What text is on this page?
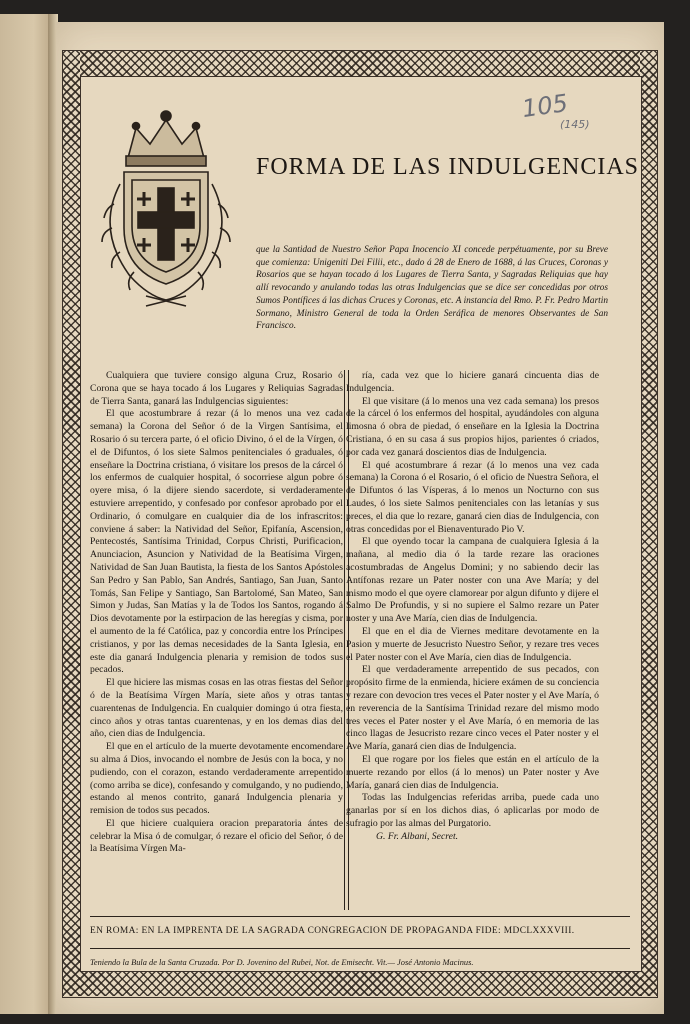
105
(145)
FORMA DE LAS INDULGENCIAS
que la Santidad de Nuestro Señor Papa Inocencio XI concede perpétuamente, por su Breve que comienza: Unigeniti Dei Filii, etc., dado á 28 de Enero de 1688, á las Cruces, Coronas y Rosarios que se hayan tocado á los Lugares de Tierra Santa, y Sagradas Reliquias que hay allí revocando y anulando todas las otras Indulgencias que se dice ser concedidas por otros Sumos Pontífices á las dichas Cruces y Coronas, etc. A instancia del Rmo. P. Fr. Pedro Martin Sormano, Ministro General de toda la Orden Seráfica de menores Observantes de San Francisco.

Cualquiera que tuviere consigo alguna Cruz, Rosario ó Corona que se haya tocado á los Lugares y Reliquias Sagradas de Tierra Santa, ganará las Indulgencias siguientes:

El que acostumbrare á rezar (á lo menos una vez cada semana) la Corona del Señor ó de la Virgen Santísima, el Rosario ó su tercera parte, ó el oficio Divino, ó el de la Vírgen, ó el de Difuntos, ó los siete Salmos penitenciales ó graduales, ó enseñare la Doctrina cristiana, ó visitare los presos de la cárcel ó los enfermos de cualquier hospital, ó socorriese algun pobre ó oyere misa, ó la dijere siendo sacerdote, si verdaderamente estuviere arrepentido, y confesado por confesor aprobado por el Ordinario, ó comulgare en cualquier dia de los infrascritos: conviene á saber: la Natividad del Señor, Epifanía, Ascension, Pentecostés, Santísima Trinidad, Corpus Christi, Purificacion, Anunciacion, Asuncion y Natividad de la Beatísima Virgen, Natividad de San Juan Bautista, la fiesta de los Santos Apóstoles San Pedro y San Pablo, San Andrés, Santiago, San Juan, Santo Tomás, San Felipe y Santiago, San Bartolomé, San Mateo, San Simon y Judas, San Matías y la de Todos los Santos, rogando á Dios devotamente por la estirpacion de las heregías y cisma, por el aumento de la fé Católica, paz y concordia entre los Príncipes cristianos, y por las demas necesidades de la Santa Iglesia, en este dia ganará Indulgencia plenaria y remision de todos sus pecados.

El que hiciere las mismas cosas en las otras fiestas del Señor ó de la Beatísima Vírgen María, siete años y otras tantas cuarentenas de Indulgencia. En cualquier domingo ú otra fiesta, cinco años y otras tantas cuarentenas, y en los demas dias del año, cien dias de Indulgencia.

El que en el artículo de la muerte devotamente encomendare su alma á Dios, invocando el nombre de Jesús con la boca, y no pudiendo, con el corazon, estando verdaderamente arrepentido (como arriba se dice), confesando y comulgando, y no pudiendo, estando al menos contrito, ganará Indulgencia plenaria y remision de todos sus pecados.

El que hiciere cualquiera oracion preparatoria ántes de celebrar la Misa ó de comulgar, ó rezare el oficio del Señor, ó de la Beatísima Vírgen Ma-

ría, cada vez que lo hiciere ganará cincuenta dias de Indulgencia.

El que visitare (á lo menos una vez cada semana) los presos de la cárcel ó los enfermos del hospital, ayudándoles con alguna limosna ó obra de piedad, ó enseñare en la Iglesia la Doctrina Cristiana, ó en su casa á sus propios hijos, parientes ó criados, por cada vez ganará doscientos dias de Indulgencia.

El qué acostumbrare á rezar (á lo menos una vez cada semana) la Corona ó el Rosario, ó el oficio de Nuestra Señora, el de Difuntos ó las Vísperas, á lo menos un Nocturno con sus Laudes, ó los siete Salmos penitenciales con las letanías y sus preces, el dia que lo rezare, ganará cien dias de Indulgencia, con otras concedidas por el Bienaventurado Pio V.

El que oyendo tocar la campana de cualquiera Iglesia á la mañana, al medio dia ó la tarde rezare las oraciones acostumbradas de Angelus Domini; y no sabiendo decir las Antífonas rezare un Pater noster con una Ave María; y del mismo modo el que oyere clamorear por algun difunto y dijere el Salmo De Profundis, y si no supiere el Salmo rezare un Pater noster y una Ave María, cien dias de Indulgencia.

El que en el dia de Viernes meditare devotamente en la Pasion y muerte de Jesucristo Nuestro Señor, y rezare tres veces el Pater noster con el Ave María, cien dias de Indulgencia.

El que verdaderamente arrepentido de sus pecados, con propósito firme de la enmienda, hiciere exámen de su conciencia y rezare con devocion tres veces el Pater noster y el Ave María, ó en reverencia de la Santísima Trinidad rezare del mismo modo tres veces el Pater noster y el Ave María, ó en memoria de las cinco llagas de Jesucristo rezare cinco veces el Pater noster y el Ave María, ganará cien dias de Indulgencia.

El que rogare por los fieles que están en el artículo de la muerte rezando por ellos (á lo menos) un Pater noster y Ave María, ganará cien dias de Indulgencia.

Todas las Indulgencias referidas arriba, puede cada uno ganarlas por sí en los dichos dias, ó aplicarlas por modo de sufragio por las almas del Purgatorio.

G. Fr. Albani, Secret.

EN ROMA: EN LA IMPRENTA DE LA SAGRADA CONGREGACION DE PROPAGANDA FIDE: MDCLXXXVIII.
Teniendo la Bula de la Santa Cruzada. Por D. Jovenino del Rubei, Not. de Emisecht. Vit.— José Antonio Macinus.
